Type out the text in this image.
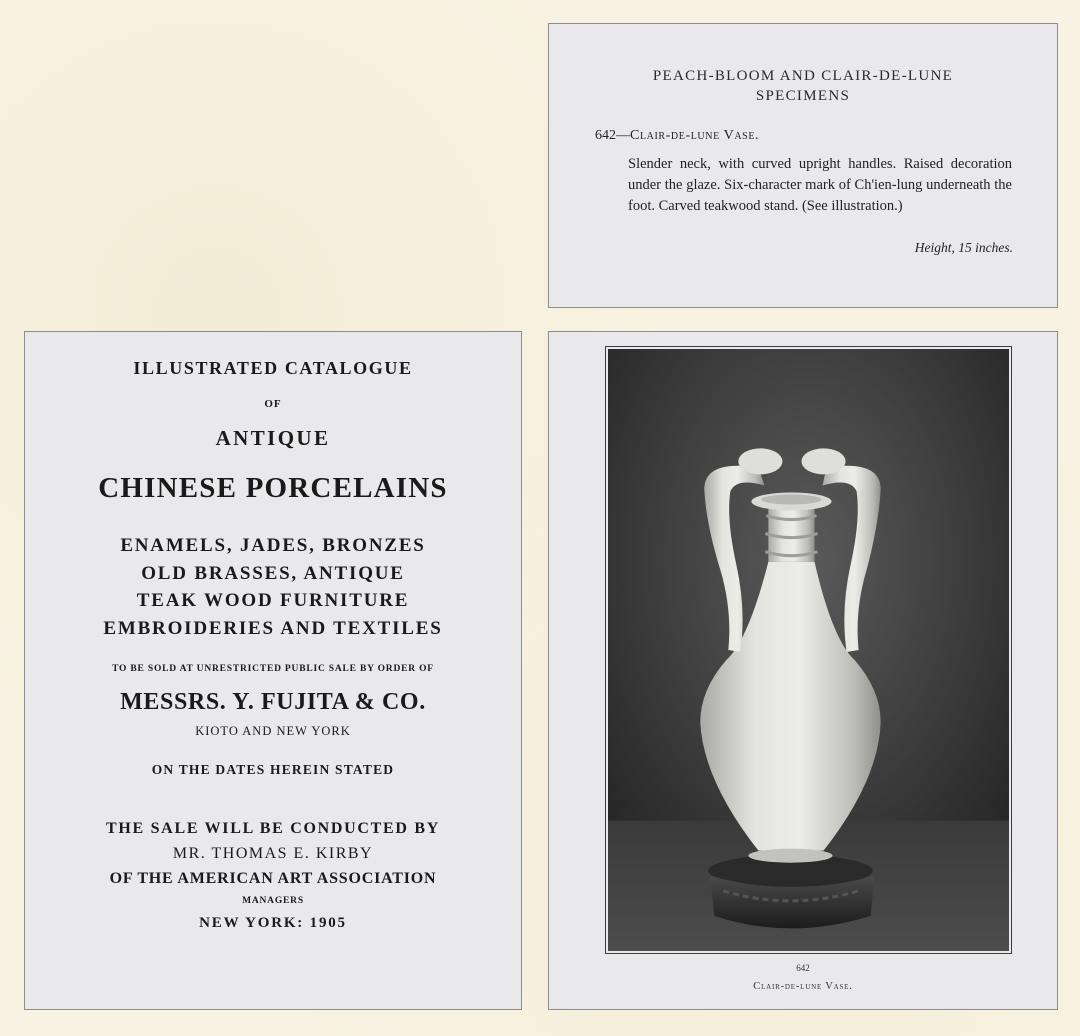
PEACH-BLOOM AND CLAIR-DE-LUNE
SPECIMENS
642—Clair-de-lune Vase.
Slender neck, with curved upright handles. Raised decoration under the glaze. Six-character mark of Ch'ien-lung underneath the foot. Carved teakwood stand. (See illustration.)
Height, 15 inches.
ILLUSTRATED CATALOGUE
OF
ANTIQUE
CHINESE PORCELAINS
ENAMELS, JADES, BRONZES
OLD BRASSES, ANTIQUE
TEAK WOOD FURNITURE
EMBROIDERIES AND TEXTILES
TO BE SOLD AT UNRESTRICTED PUBLIC SALE BY ORDER OF
MESSRS. Y. FUJITA & CO.
KIOTO AND NEW YORK
ON THE DATES HEREIN STATED
THE SALE WILL BE CONDUCTED BY
MR. THOMAS E. KIRBY
OF THE AMERICAN ART ASSOCIATION
MANAGERS
NEW YORK: 1905
642
Clair-de-lune Vase.
